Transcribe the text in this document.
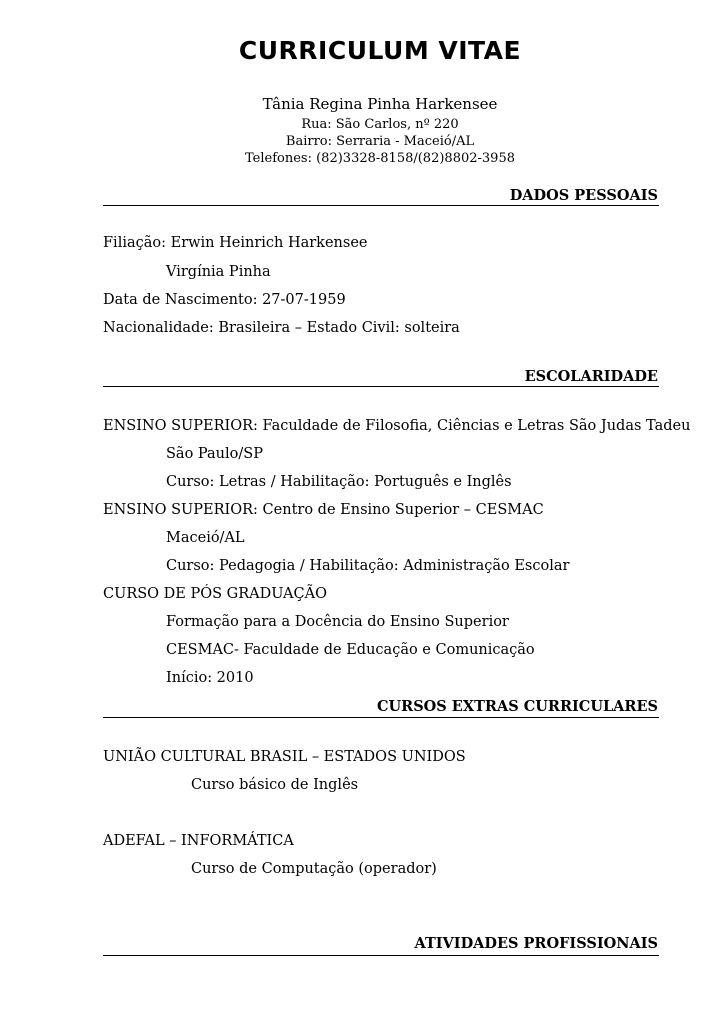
CURRICULUM VITAE
Tânia Regina Pinha Harkensee
Rua: São Carlos, nº 220
Bairro: Serraria - Maceió/AL
Telefones: (82)3328-8158/(82)8802-3958
DADOS PESSOAIS
Filiação: Erwin Heinrich Harkensee
Virgínia Pinha
Data de Nascimento: 27-07-1959
Nacionalidade: Brasileira – Estado Civil: solteira
ESCOLARIDADE
ENSINO SUPERIOR: Faculdade de Filosofia, Ciências e Letras São Judas Tadeu
São Paulo/SP
Curso: Letras / Habilitação: Português e Inglês
ENSINO SUPERIOR: Centro de Ensino Superior – CESMAC
Maceió/AL
Curso: Pedagogia / Habilitação: Administração Escolar
CURSO DE PÓS GRADUAÇÃO
Formação para a Docência do Ensino Superior
CESMAC- Faculdade de Educação e Comunicação
Início: 2010
CURSOS EXTRAS CURRICULARES
UNIÃO CULTURAL BRASIL – ESTADOS UNIDOS
Curso básico de Inglês
ADEFAL – INFORMÁTICA
Curso de Computação (operador)
ATIVIDADES PROFISSIONAIS
